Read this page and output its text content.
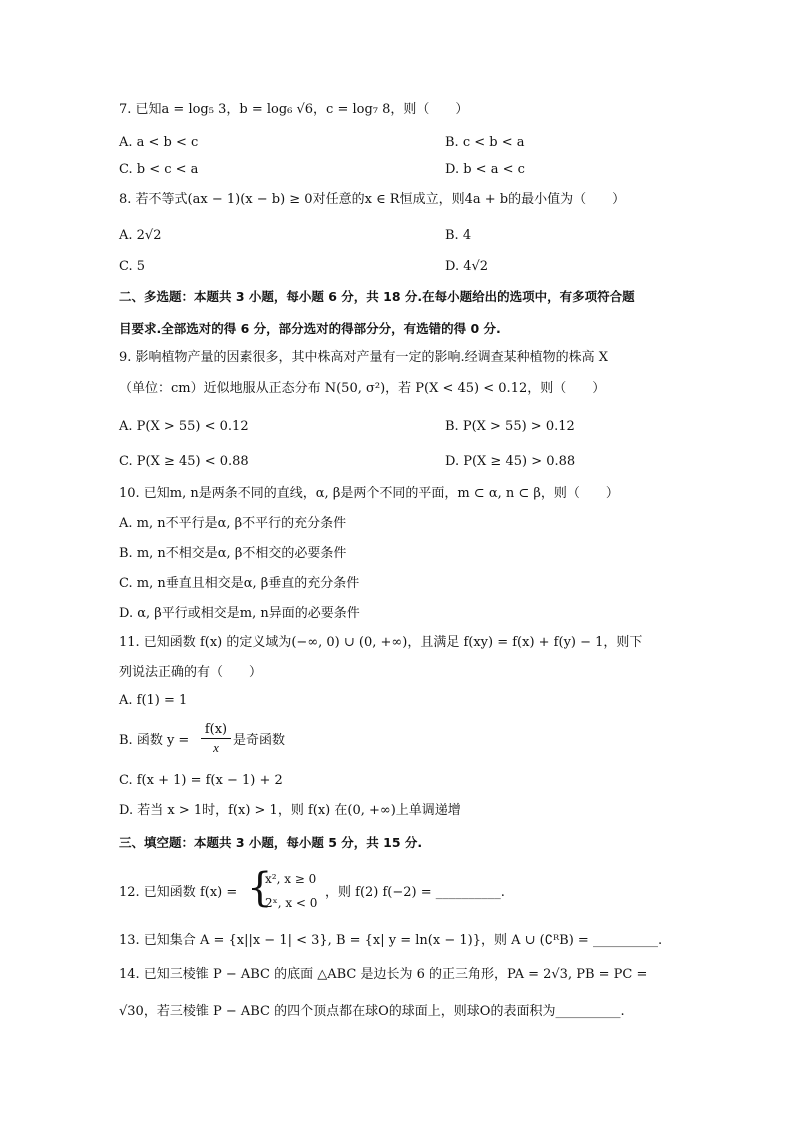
7. 已知a = log₅ 3，b = log₆ √6，c = log₇ 8，则（　　）
A. a < b < c	B. c < b < a
C. b < c < a	D. b < a < c
8. 若不等式(ax − 1)(x − b) ≥ 0对任意的x ∈ R恒成立，则4a + b的最小值为（　　）
A. 2√2	B. 4
C. 5	D. 4√2
二、多选题：本题共 3 小题，每小题 6 分，共 18 分.在每小题给出的选项中，有多项符合题
目要求.全部选对的得 6 分，部分选对的得部分分，有选错的得 0 分.
9. 影响植物产量的因素很多，其中株高对产量有一定的影响.经调查某种植物的株高 X
（单位：cm）近似地服从正态分布 N(50, σ²)，若 P(X < 45) < 0.12，则（　　）
A. P(X > 55) < 0.12	B. P(X > 55) > 0.12
C. P(X ≥ 45) < 0.88	D. P(X ≥ 45) > 0.88
10. 已知m, n是两条不同的直线，α, β是两个不同的平面，m ⊂ α, n ⊂ β，则（　　）
A. m, n不平行是α, β不平行的充分条件
B. m, n不相交是α, β不相交的必要条件
C. m, n垂直且相交是α, β垂直的充分条件
D. α, β平行或相交是m, n异面的必要条件
11. 已知函数 f(x) 的定义域为(−∞, 0) ∪ (0, +∞)，且满足 f(xy) = f(x) + f(y) − 1，则下
列说法正确的有（　　）
A. f(1) = 1
B. 函数 $y = \frac{f(x)}{x}$ 是奇函数
C. f(x + 1) = f(x − 1) + 2
D. 若当 x > 1时，f(x) > 1，则 f(x) 在(0, +∞)上单调递增
三、填空题：本题共 3 小题，每小题 5 分，共 15 分.
12. 已知函数 f(x) = {
x², x ≥ 0
2ˣ, x < 0
，则 f(2) f(−2) = __________.
13. 已知集合 A = {x||x − 1| < 3}, B = {x| y = ln(x − 1)}，则 A ∪ (∁ᴿB) = __________.
14. 已知三棱锥 P − ABC 的底面 △ABC 是边长为 6 的正三角形，PA = 2√3, PB = PC =
√30，若三棱锥 P − ABC 的四个顶点都在球O的球面上，则球O的表面积为__________.
